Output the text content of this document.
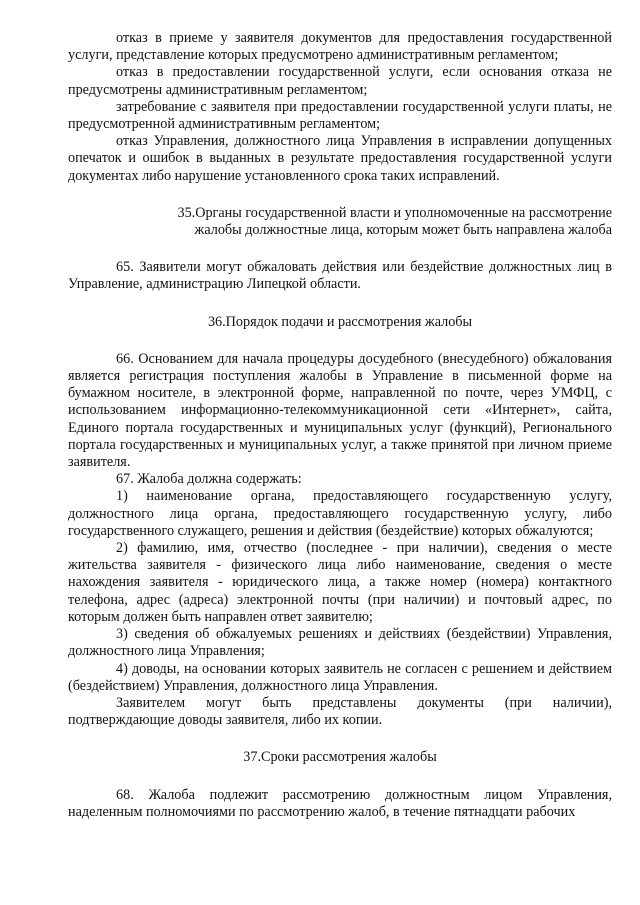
отказ в приеме у заявителя документов для предоставления государственной услуги, представление которых предусмотрено административным регламентом;

отказ в предоставлении государственной услуги, если основания отказа не предусмотрены административным регламентом;

затребование с заявителя при предоставлении государственной услуги платы, не предусмотренной административным регламентом;

отказ Управления, должностного лица Управления в исправлении допущенных опечаток и ошибок в выданных в результате предоставления государственной услуги документах либо нарушение установленного срока таких исправлений.

35.Органы государственной власти и уполномоченные на рассмотрение
жалобы должностные лица, которым может быть направлена жалоба

65. Заявители могут обжаловать действия или бездействие должностных лиц в Управление, администрацию Липецкой области.

36.Порядок подачи и рассмотрения жалобы

66. Основанием для начала процедуры досудебного (внесудебного) обжалования является регистрация поступления жалобы в Управление в письменной форме на бумажном носителе, в электронной форме, направленной по почте, через УМФЦ, с использованием информационно-телекоммуникационной сети «Интернет», сайта, Единого портала государственных и муниципальных услуг (функций), Регионального портала государственных и муниципальных услуг, а также принятой при личном приеме заявителя.

67. Жалоба должна содержать:

1) наименование органа, предоставляющего государственную услугу, должностного лица органа, предоставляющего государственную услугу, либо государственного служащего, решения и действия (бездействие) которых обжалуются;

2) фамилию, имя, отчество (последнее - при наличии), сведения о месте жительства заявителя - физического лица либо наименование, сведения о месте нахождения заявителя - юридического лица, а также номер (номера) контактного телефона, адрес (адреса) электронной почты (при наличии) и почтовый адрес, по которым должен быть направлен ответ заявителю;

3) сведения об обжалуемых решениях и действиях (бездействии) Управления, должностного лица Управления;

4) доводы, на основании которых заявитель не согласен с решением и действием (бездействием) Управления, должностного лица Управления.

Заявителем могут быть представлены документы (при наличии), подтверждающие доводы заявителя, либо их копии.

37.Сроки рассмотрения жалобы

68. Жалоба подлежит рассмотрению должностным лицом Управления, наделенным полномочиями по рассмотрению жалоб, в течение пятнадцати рабочих
